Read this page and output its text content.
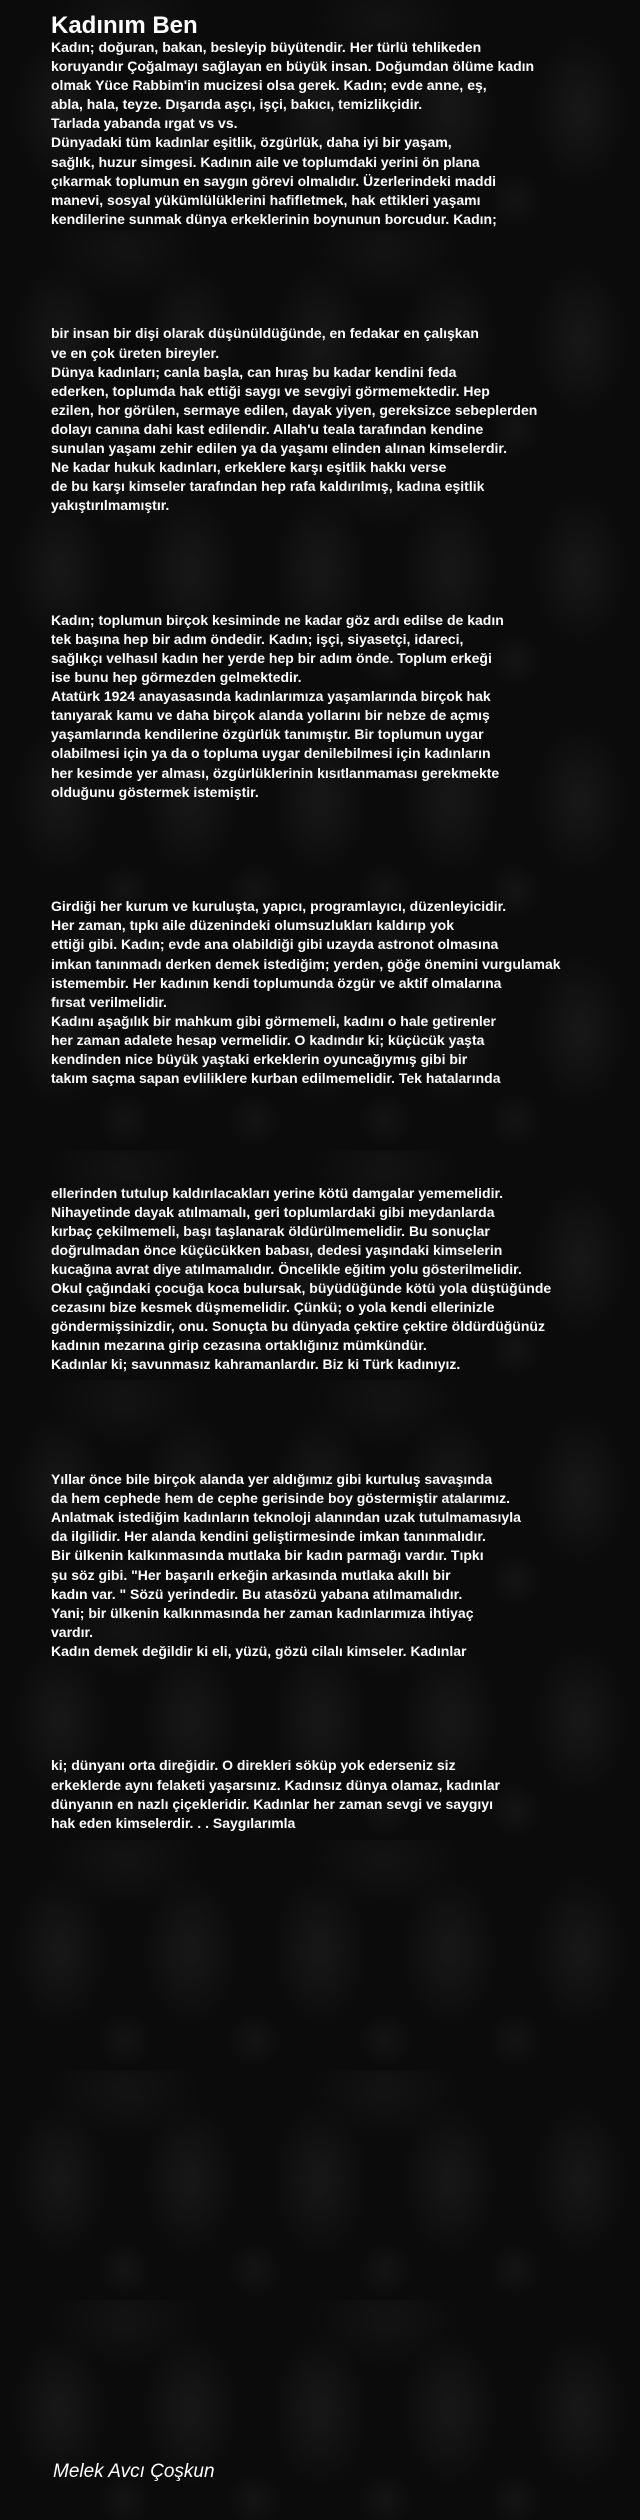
Kadınım Ben
Kadın; doğuran, bakan, besleyip büyütendir. Her türlü tehlikeden
koruyandır Çoğalmayı sağlayan en büyük insan. Doğumdan ölüme kadın
olmak Yüce Rabbim'in mucizesi olsa gerek. Kadın; evde anne, eş,
abla, hala, teyze. Dışarıda aşçı, işçi, bakıcı, temizlikçidir.
Tarlada yabanda ırgat vs vs.
Dünyadaki tüm kadınlar eşitlik, özgürlük, daha iyi bir yaşam,
sağlık, huzur simgesi. Kadının aile ve toplumdaki yerini ön plana
çıkarmak toplumun en saygın görevi olmalıdır. Üzerlerindeki maddi
manevi, sosyal yükümlülüklerini hafifletmek, hak ettikleri yaşamı
kendilerine sunmak dünya erkeklerinin boynunun borcudur. Kadın;
bir insan bir dişi olarak düşünüldüğünde, en fedakar en çalışkan
ve en çok üreten bireyler.
Dünya kadınları; canla başla, can hıraş bu kadar kendini feda
ederken, toplumda hak ettiği saygı ve sevgiyi görmemektedir. Hep
ezilen, hor görülen, sermaye edilen, dayak yiyen, gereksizce sebeplerden
dolayı canına dahi kast edilendir. Allah'u teala tarafından kendine
sunulan yaşamı zehir edilen ya da yaşamı elinden alınan kimselerdir.
Ne kadar hukuk kadınları, erkeklere karşı eşitlik hakkı verse
de bu karşı kimseler tarafından hep rafa kaldırılmış, kadına eşitlik
yakıştırılmamıştır.
Kadın; toplumun birçok kesiminde ne kadar göz ardı edilse de kadın
tek başına hep bir adım öndedir. Kadın; işçi, siyasetçi, idareci,
sağlıkçı velhasıl kadın her yerde hep bir adım önde. Toplum erkeği
ise bunu hep görmezden gelmektedir.
Atatürk 1924 anayasasında kadınlarımıza yaşamlarında birçok hak
tanıyarak kamu ve daha birçok alanda yollarını bir nebze de açmış
yaşamlarında kendilerine özgürlük tanımıştır. Bir toplumun uygar
olabilmesi için ya da o topluma uygar denilebilmesi için kadınların
her kesimde yer alması, özgürlüklerinin kısıtlanmaması gerekmekte
olduğunu göstermek istemiştir.
Girdiği her kurum ve kuruluşta, yapıcı, programlayıcı, düzenleyicidir.
Her zaman, tıpkı aile düzenindeki olumsuzlukları kaldırıp yok
ettiği gibi. Kadın; evde ana olabildiği gibi uzayda astronot olmasına
imkan tanınmadı derken demek istediğim; yerden, göğe önemini vurgulamak
istemembir. Her kadının kendi toplumunda özgür ve aktif olmalarına
fırsat verilmelidir.
Kadını aşağılık bir mahkum gibi görmemeli, kadını o hale getirenler
her zaman adalete hesap vermelidir. O kadındır ki; küçücük yaşta
kendinden nice büyük yaştaki erkeklerin oyuncağıymış gibi bir
takım saçma sapan evliliklere kurban edilmemelidir. Tek hatalarında
ellerinden tutulup kaldırılacakları yerine kötü damgalar yememelidir.
Nihayetinde dayak atılmamalı, geri toplumlardaki gibi meydanlarda
kırbaç çekilmemeli, başı taşlanarak öldürülmemelidir. Bu sonuçlar
doğrulmadan önce küçücükken babası, dedesi yaşındaki kimselerin
kucağına avrat diye atılmamalıdır. Öncelikle eğitim yolu gösterilmelidir.
Okul çağındaki çocuğa koca bulursak, büyüdüğünde kötü yola düştüğünde
cezasını bize kesmek düşmemelidir. Çünkü; o yola kendi ellerinizle
göndermişsinizdir, onu. Sonuçta bu dünyada çektire çektire öldürdüğünüz
kadının mezarına girip cezasına ortaklığınız mümkündür.
Kadınlar ki; savunmasız kahramanlardır. Biz ki Türk kadınıyız.
Yıllar önce bile birçok alanda yer aldığımız gibi kurtuluş savaşında
da hem cephede hem de cephe gerisinde boy göstermiştir atalarımız.
Anlatmak istediğim kadınların teknoloji alanından uzak tutulmamasıyla
da ilgilidir. Her alanda kendini geliştirmesinde imkan tanınmalıdır.
Bir ülkenin kalkınmasında mutlaka bir kadın parmağı vardır. Tıpkı
şu söz gibi. "Her başarılı erkeğin arkasında mutlaka akıllı bir
kadın var. " Sözü yerindedir. Bu atasözü yabana atılmamalıdır.
Yani; bir ülkenin kalkınmasında her zaman kadınlarımıza ihtiyaç
vardır.
Kadın demek değildir ki eli, yüzü, gözü cilalı kimseler. Kadınlar
ki; dünyanı orta direğidir. O direkleri söküp yok ederseniz siz
erkeklerde aynı felaketi yaşarsınız. Kadınsız dünya olamaz, kadınlar
dünyanın en nazlı çiçekleridir. Kadınlar her zaman sevgi ve saygıyı
hak eden kimselerdir. . . Saygılarımla
Melek Avcı Çoşkun
